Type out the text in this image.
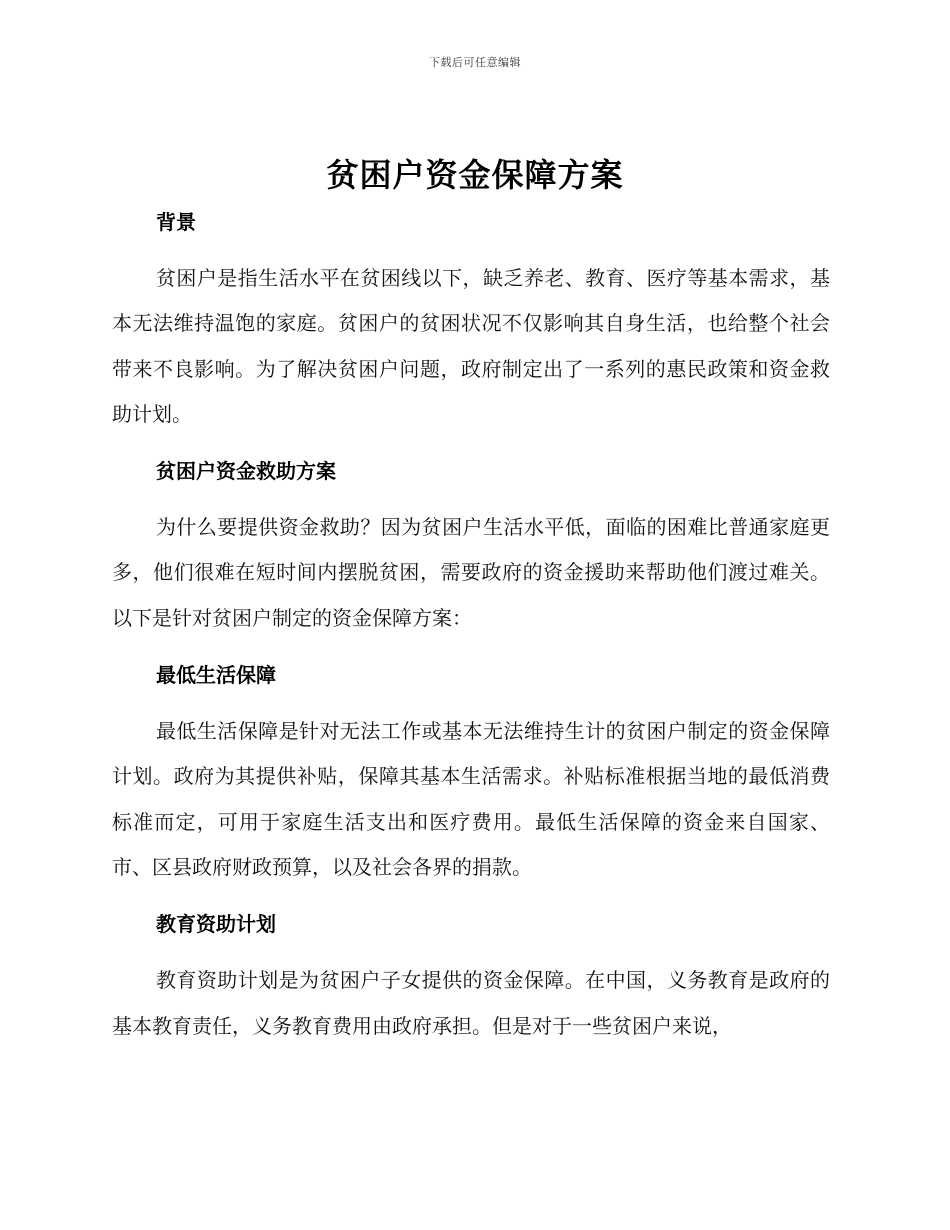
下载后可任意编辑
贫困户资金保障方案
背景

贫困户是指生活水平在贫困线以下，缺乏养老、教育、医疗等基本需求，基本无法维持温饱的家庭。贫困户的贫困状况不仅影响其自身生活，也给整个社会带来不良影响。为了解决贫困户问题，政府制定出了一系列的惠民政策和资金救助计划。

贫困户资金救助方案

为什么要提供资金救助？因为贫困户生活水平低，面临的困难比普通家庭更多，他们很难在短时间内摆脱贫困，需要政府的资金援助来帮助他们渡过难关。以下是针对贫困户制定的资金保障方案：

最低生活保障

最低生活保障是针对无法工作或基本无法维持生计的贫困户制定的资金保障计划。政府为其提供补贴，保障其基本生活需求。补贴标准根据当地的最低消费标准而定，可用于家庭生活支出和医疗费用。最低生活保障的资金来自国家、市、区县政府财政预算，以及社会各界的捐款。

教育资助计划

教育资助计划是为贫困户子女提供的资金保障。在中国，义务教育是政府的基本教育责任，义务教育费用由政府承担。但是对于一些贫困户来说，
